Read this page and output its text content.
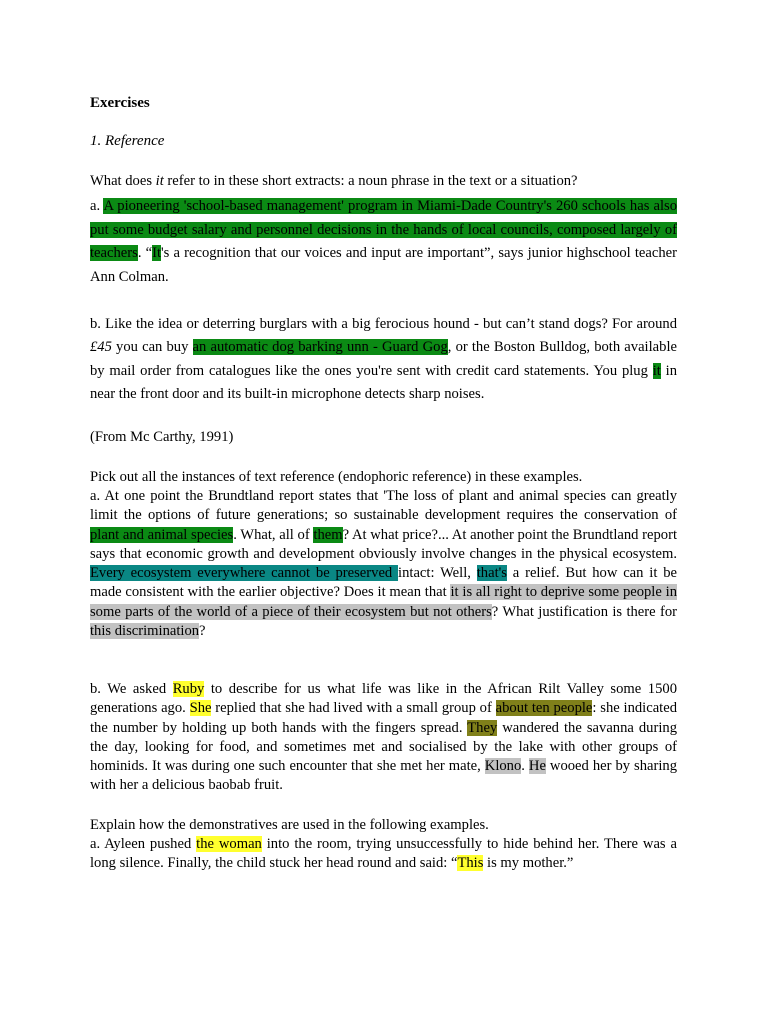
Exercises
1. Reference
What does it refer to in these short extracts: a noun phrase in the text or a situation?
a. A pioneering 'school-based management' program in Miami-Dade Country's 260 schools has also put some budget salary and personnel decisions in the hands of local councils, composed largely of teachers. “It's a recognition that our voices and input are important”, says junior highschool teacher Ann Colman.
b. Like the idea or deterring burglars with a big ferocious hound - but can’t stand dogs? For around £45 you can buy an automatic dog barking unn - Guard Gog, or the Boston Bulldog, both available by mail order from catalogues like the ones you're sent with credit card statements. You plug it in near the front door and its built-in microphone detects sharp noises.
(From Mc Carthy, 1991)
Pick out all the instances of text reference (endophoric reference) in these examples.
a. At one point the Brundtland report states that 'The loss of plant and animal species can greatly limit the options of future generations; so sustainable development requires the conservation of plant and animal species. What, all of them? At what price?... At another point the Brundtland report says that economic growth and development obviously involve changes in the physical ecosystem. Every ecosystem everywhere cannot be preserved intact: Well, that's a relief. But how can it be made consistent with the earlier objective? Does it mean that it is all right to deprive some people in some parts of the world of a piece of their ecosystem but not others? What justification is there for this discrimination?
b. We asked Ruby to describe for us what life was like in the African Rilt Valley some 1500 generations ago. She replied that she had lived with a small group of about ten people: she indicated the number by holding up both hands with the fingers spread. They wandered the savanna during the day, looking for food, and sometimes met and socialised by the lake with other groups of hominids. It was during one such encounter that she met her mate, Klono. He wooed her by sharing with her a delicious baobab fruit.
Explain how the demonstratives are used in the following examples.
a. Ayleen pushed the woman into the room, trying unsuccessfully to hide behind her. There was a long silence. Finally, the child stuck her head round and said: “This is my mother.”
